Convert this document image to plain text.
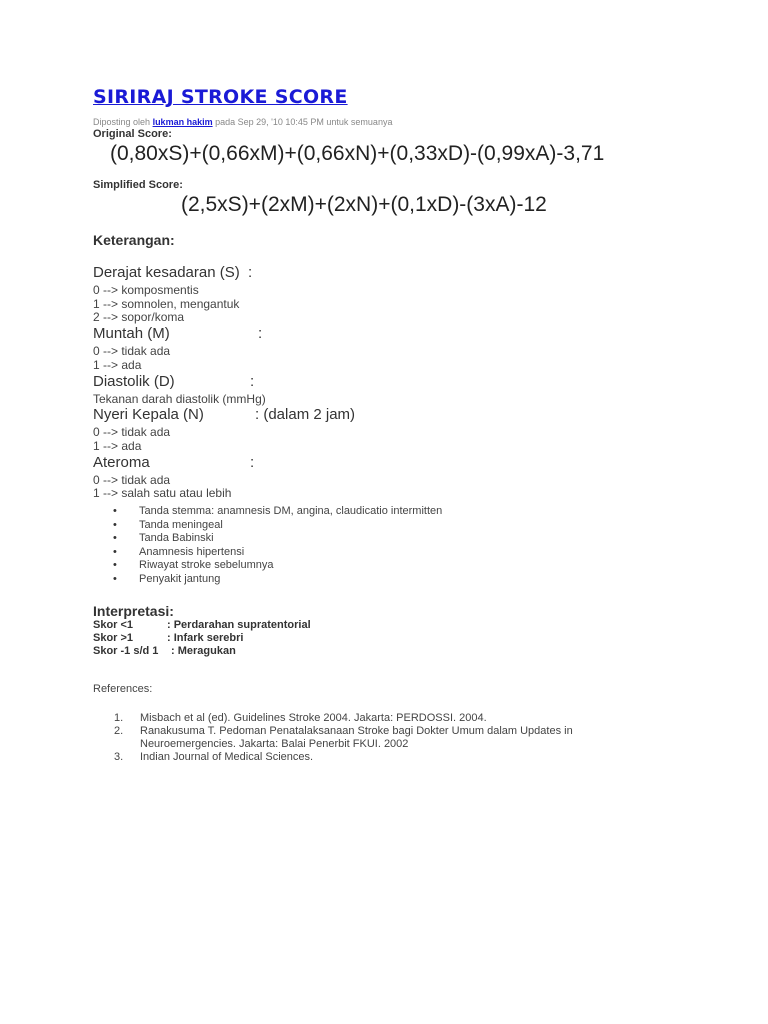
SIRIRAJ STROKE SCORE
Diposting oleh lukman hakim pada Sep 29, '10 10:45 PM untuk semuanya
Original Score:
(0,80xS)+(0,66xM)+(0,66xN)+(0,33xD)-(0,99xA)-3,71
Simplified Score:
(2,5xS)+(2xM)+(2xN)+(0,1xD)-(3xA)-12
Keterangan:
Derajat kesadaran (S) :
0 --> komposmentis
1 --> somnolen, mengantuk
2 --> sopor/koma
Muntah (M)	:
0 --> tidak ada
1 --> ada
Diastolik (D)	:
Tekanan darah diastolik (mmHg)
Nyeri Kepala (N)	: (dalam 2 jam)
0 --> tidak ada
1 --> ada
Ateroma	:
0 --> tidak ada
1 --> salah satu atau lebih
• Tanda stemma: anamnesis DM, angina, claudicatio intermitten
• Tanda meningeal
• Tanda Babinski
• Anamnesis hipertensi
• Riwayat stroke sebelumnya
• Penyakit jantung
Interpretasi:
Skor <1	: Perdarahan supratentorial
Skor >1	: Infark serebri
Skor -1 s/d 1 : Meragukan
References:
1. Misbach et al (ed). Guidelines Stroke 2004. Jakarta: PERDOSSI. 2004.
2. Ranakusuma T. Pedoman Penatalaksanaan Stroke bagi Dokter Umum dalam Updates in Neuroemergencies. Jakarta: Balai Penerbit FKUI. 2002
3. Indian Journal of Medical Sciences.
